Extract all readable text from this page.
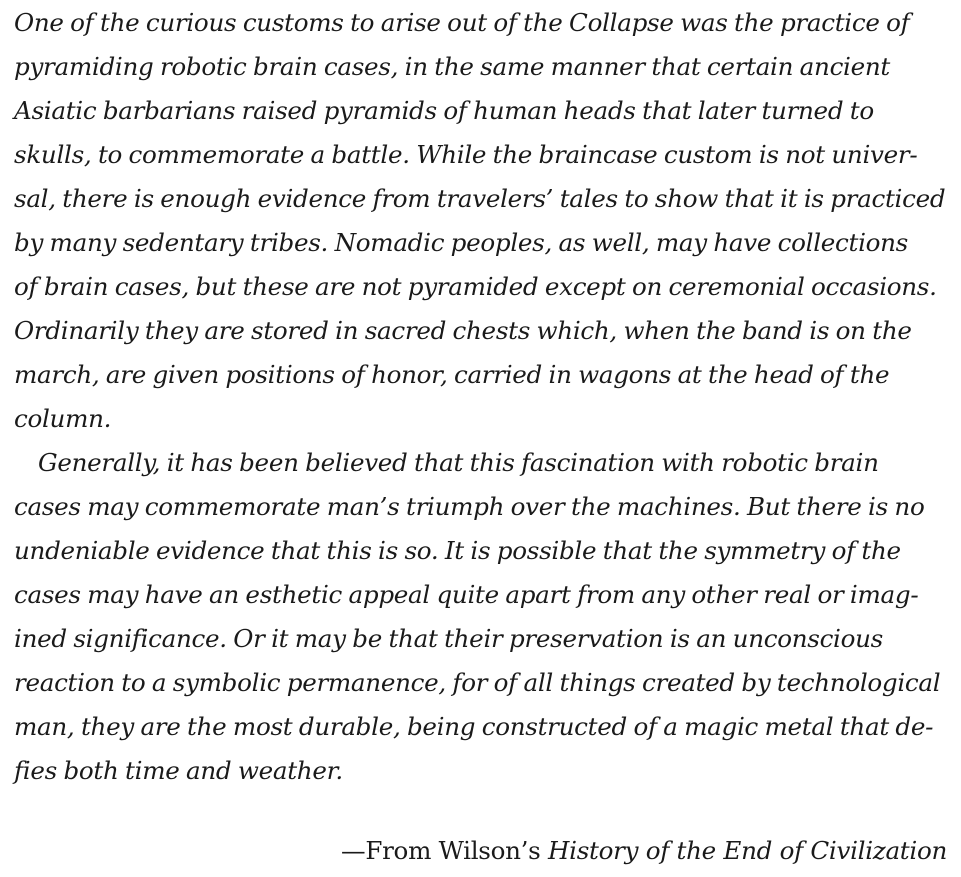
One of the curious customs to arise out of the Collapse was the practice of
pyramiding robotic brain cases, in the same manner that certain ancient
Asiatic barbarians raised pyramids of human heads that later turned to
skulls, to commemorate a battle. While the braincase custom is not univer-
sal, there is enough evidence from travelers’ tales to show that it is practiced
by many sedentary tribes. Nomadic peoples, as well, may have collections
of brain cases, but these are not pyramided except on ceremonial occasions.
Ordinarily they are stored in sacred chests which, when the band is on the
march, are given positions of honor, carried in wagons at the head of the
column.

Generally, it has been believed that this fascination with robotic brain
cases may commemorate man’s triumph over the machines. But there is no
undeniable evidence that this is so. It is possible that the symmetry of the
cases may have an esthetic appeal quite apart from any other real or imag-
ined significance. Or it may be that their preservation is an unconscious
reaction to a symbolic permanence, for of all things created by technological
man, they are the most durable, being constructed of a magic metal that de-
fies both time and weather.

—From Wilson’s History of the End of Civilization
